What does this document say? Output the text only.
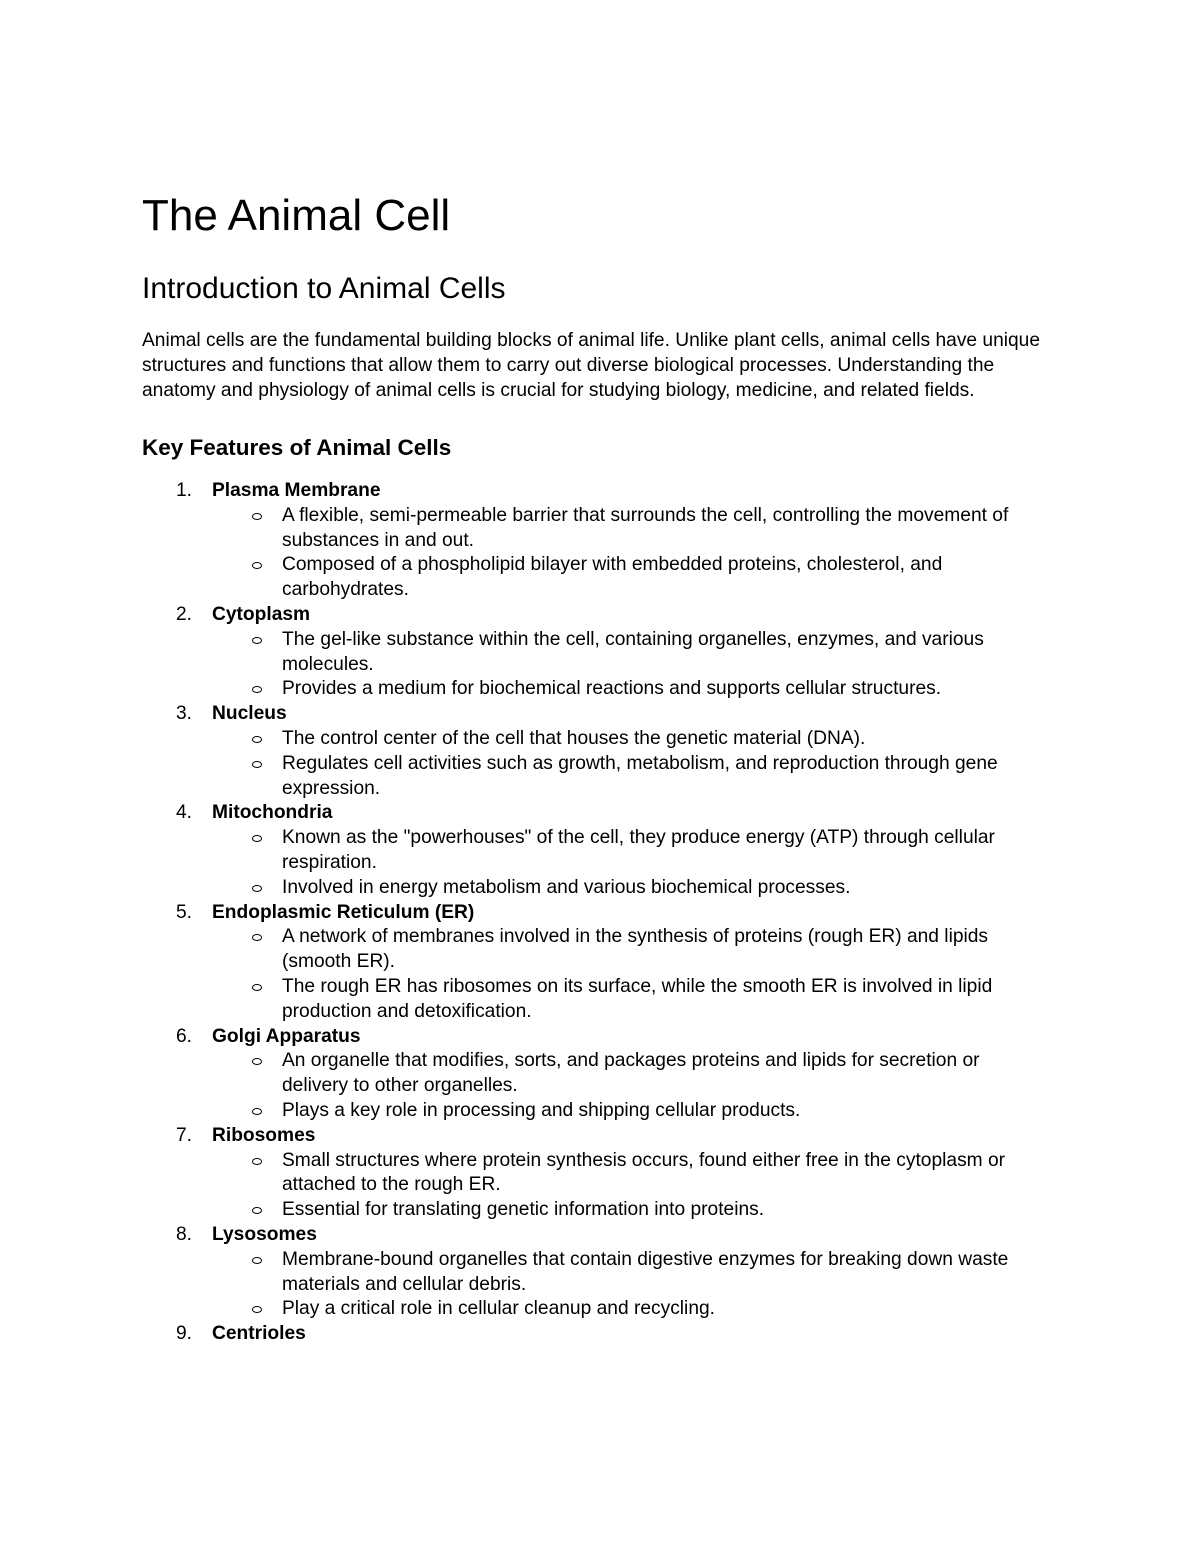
The Animal Cell
Introduction to Animal Cells

Animal cells are the fundamental building blocks of animal life. Unlike plant cells, animal cells have unique structures and functions that allow them to carry out diverse biological processes. Understanding the anatomy and physiology of animal cells is crucial for studying biology, medicine, and related fields.

Key Features of Animal Cells
1.	Plasma Membrane
A flexible, semi-permeable barrier that surrounds the cell, controlling the movement of substances in and out.
Composed of a phospholipid bilayer with embedded proteins, cholesterol, and carbohydrates.
2.	Cytoplasm
The gel-like substance within the cell, containing organelles, enzymes, and various molecules.
Provides a medium for biochemical reactions and supports cellular structures.
3.	Nucleus
The control center of the cell that houses the genetic material (DNA).
Regulates cell activities such as growth, metabolism, and reproduction through gene expression.
4.	Mitochondria
Known as the "powerhouses" of the cell, they produce energy (ATP) through cellular respiration.
Involved in energy metabolism and various biochemical processes.
5.	Endoplasmic Reticulum (ER)
A network of membranes involved in the synthesis of proteins (rough ER) and lipids (smooth ER).
The rough ER has ribosomes on its surface, while the smooth ER is involved in lipid production and detoxification.
6.	Golgi Apparatus
An organelle that modifies, sorts, and packages proteins and lipids for secretion or delivery to other organelles.
Plays a key role in processing and shipping cellular products.
7.	Ribosomes
Small structures where protein synthesis occurs, found either free in the cytoplasm or attached to the rough ER.
Essential for translating genetic information into proteins.
8.	Lysosomes
Membrane-bound organelles that contain digestive enzymes for breaking down waste materials and cellular debris.
Play a critical role in cellular cleanup and recycling.
9.	Centrioles
